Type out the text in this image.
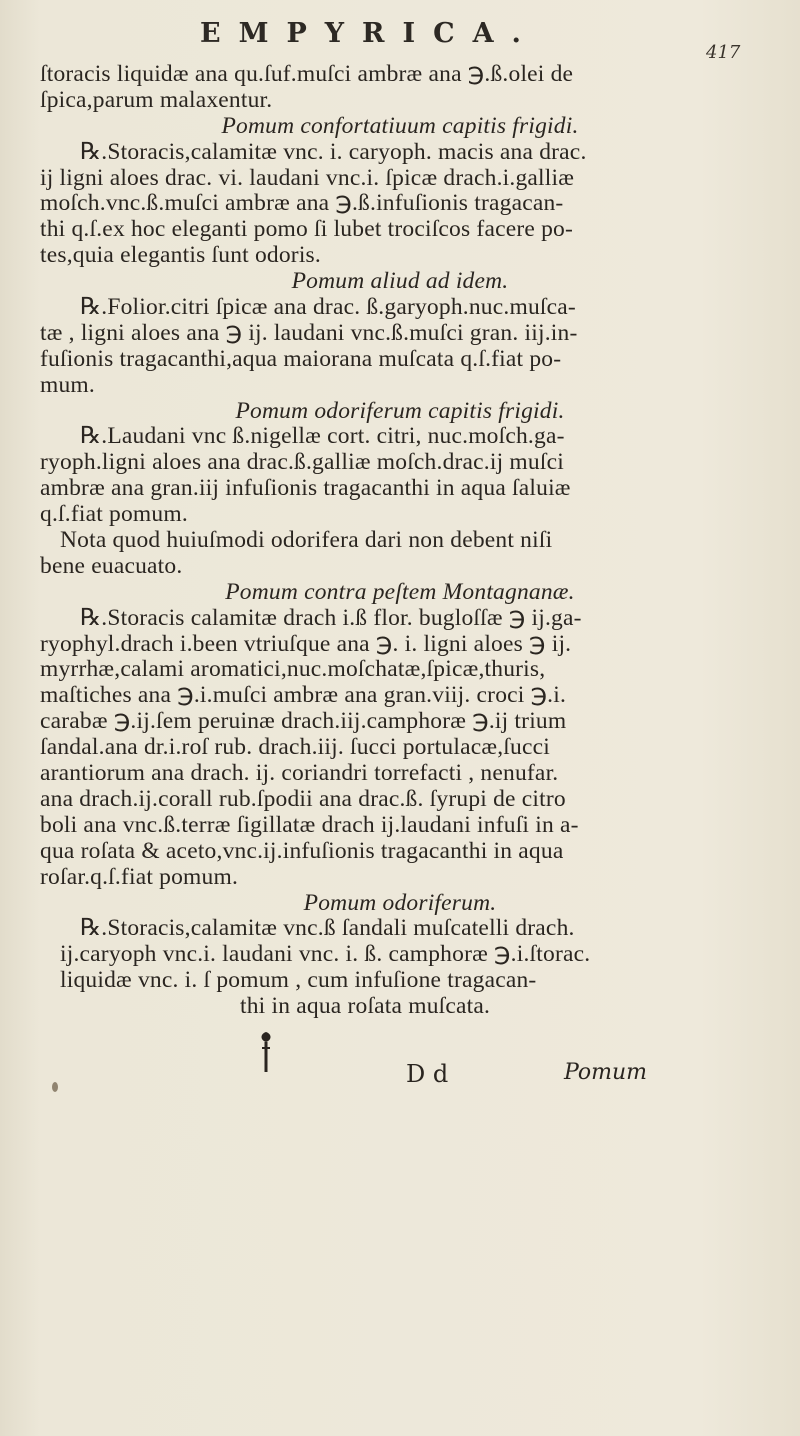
EMPYRICA.
417
ſtoracis liquidæ ana qu.ſuf.muſci ambræ ana ℈.ß.olei de
ſpica,parum malaxentur.
Pomum confortatiuum capitis frigidi.
℞.Storacis,calamitæ vnc. i. caryoph. macis ana drac.
ij ligni aloes drac. vi. laudani vnc.i. ſpicæ drach.i.galliæ
moſch.vnc.ß.muſci ambræ ana ℈.ß.infuſionis tragacan-
thi q.ſ.ex hoc eleganti pomo ſi lubet trociſcos facere po-
tes,quia elegantis ſunt odoris.
Pomum aliud ad idem.
℞.Folior.citri ſpicæ ana drac. ß.garyoph.nuc.muſca-
tæ , ligni aloes ana ℈ ij. laudani vnc.ß.muſci gran. iij.in-
fuſionis tragacanthi,aqua maiorana muſcata q.ſ.fiat po-
mum.
Pomum odoriferum capitis frigidi.
℞.Laudani vnc ß.nigellæ cort. citri, nuc.moſch.ga-
ryoph.ligni aloes ana drac.ß.galliæ moſch.drac.ij muſci
ambræ ana gran.iij infuſionis tragacanthi in aqua ſaluiæ
q.ſ.fiat pomum.
Nota quod huiuſmodi odorifera dari non debent niſi
bene euacuato.
Pomum contra peſtem Montagnanæ.
℞.Storacis calamitæ drach i.ß flor. bugloſſæ ℈ ij.ga-
ryophyl.drach i.been vtriuſque ana ℈. i. ligni aloes ℈ ij.
myrrhæ,calami aromatici,nuc.moſchatæ,ſpicæ,thuris,
maſtiches ana ℈.i.muſci ambræ ana gran.viij. croci ℈.i.
carabæ ℈.ij.ſem peruinæ drach.iij.camphoræ ℈.ij trium
ſandal.ana dr.i.roſ rub. drach.iij. ſucci portulacæ,ſucci
arantiorum ana drach. ij. coriandri torrefacti , nenufar.
ana drach.ij.corall rub.ſpodii ana drac.ß. ſyrupi de citro
boli ana vnc.ß.terræ ſigillatæ drach ij.laudani infuſi in a-
qua roſata & aceto,vnc.ij.infuſionis tragacanthi in aqua
roſar.q.ſ.fiat pomum.
Pomum odoriferum.
℞.Storacis,calamitæ vnc.ß ſandali muſcatelli drach.
ij.caryoph vnc.i. laudani vnc. i. ß. camphoræ ℈.i.ſtorac.
liquidæ vnc. i. ſ pomum , cum infuſione tragacan-
thi in aqua roſata muſcata.
D d	Pomum
